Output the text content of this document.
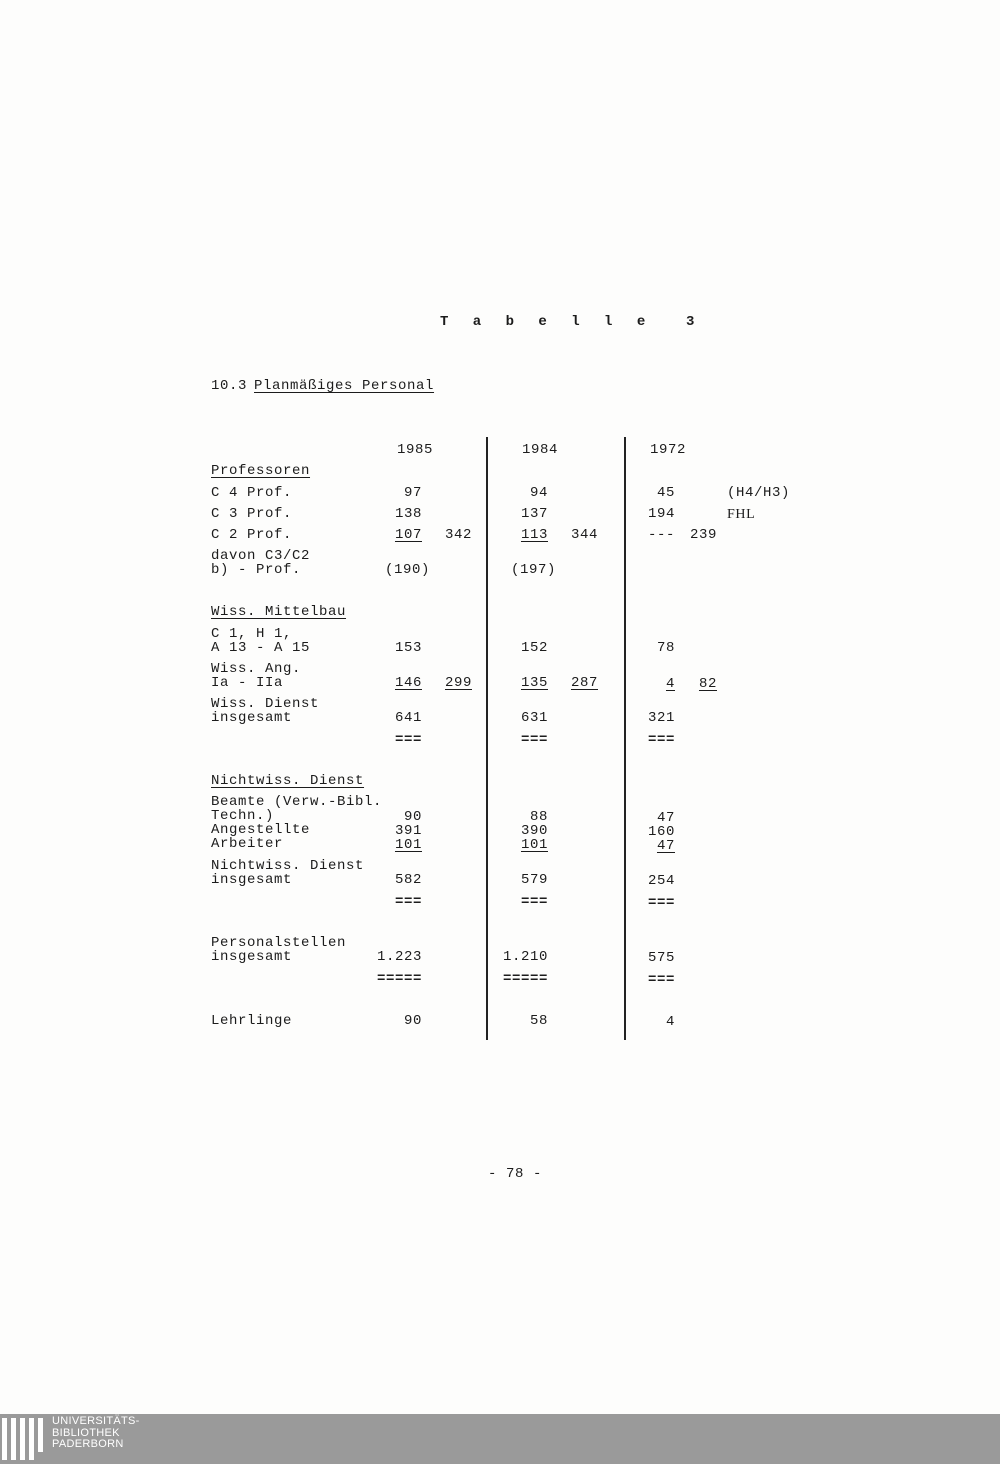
T a b e l l e  3
10.3 Planmäßiges Personal
1985	1984	1972
Professoren
C 4 Prof.	97	94	45	(H4/H3)
C 3 Prof.	138	137	194	FHL
C 2 Prof.	107	342	113	344	---	239
davon C3/C2
b) - Prof.	(190)	(197)
Wiss. Mittelbau
C 1, H 1,
A 13 - A 15	153	152	78
Wiss. Ang.
Ia - IIa	146	299	135	287	4	82
Wiss. Dienst
insgesamt	641	631	321
===	===	===
Nichtwiss. Dienst
Beamte (Verw.-Bibl.
Techn.)	90	88	47
Angestellte	391	390	160
Arbeiter	101	101	47
Nichtwiss. Dienst
insgesamt	582	579	254
===	===	===
Personalstellen
insgesamt	1.223	1.210	575
=====	=====	===
Lehrlinge	90	58	4
- 78 -
UNIVERSITÄTS-
BIBLIOTHEK
PADERBORN
